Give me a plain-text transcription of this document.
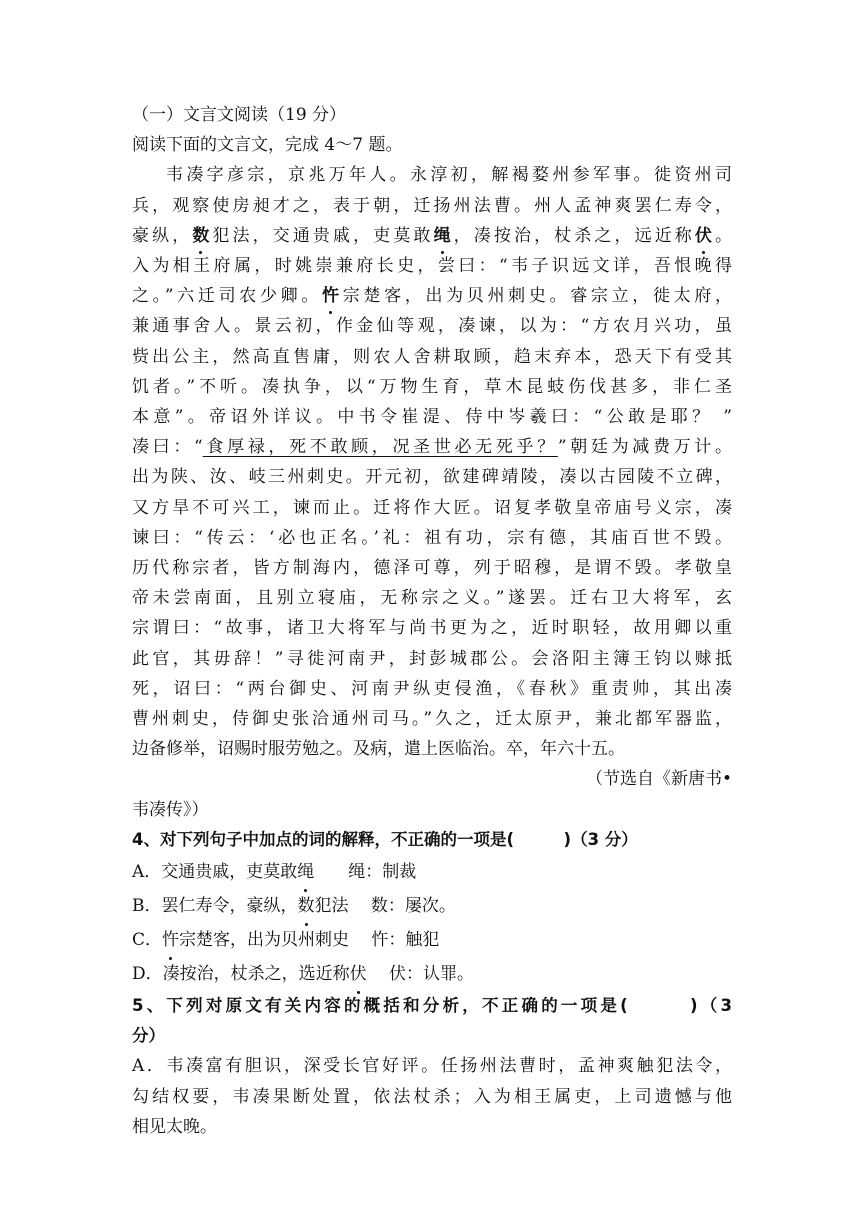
（一）文言文阅读（19 分）
阅读下面的文言文，完成 4～7 题。
韦凑字彦宗，京兆万年人。永淳初，解褐婺州参军事。徙资州司
兵，观察使房昶才之，表于朝，迁扬州法曹。州人孟神爽罢仁寿令，
豪纵，数犯法，交通贵戚，吏莫敢绳，凑按治，杖杀之，远近称伏。
入为相王府属，时姚崇兼府长史，尝曰：“韦子识远文详，吾恨晚得
之。”六迁司农少卿。忤宗楚客，出为贝州刺史。睿宗立，徙太府，
兼通事舍人。景云初，作金仙等观，凑谏，以为：“方农月兴功，虽
赀出公主，然高直售庸，则农人舍耕取顾，趋末弃本，恐天下有受其
饥者。”不听。凑执争，以“万物生育，草木昆蚑伤伐甚多，非仁圣
本意”。帝诏外详议。中书令崔湜、侍中岑羲曰：“公敢是耶？ ”
凑曰：“食厚禄，死不敢顾，况圣世必无死乎？”朝廷为减费万计。
出为陕、汝、岐三州刺史。开元初，欲建碑靖陵，凑以古园陵不立碑，
又方旱不可兴工，谏而止。迁将作大匠。诏复孝敬皇帝庙号义宗，凑
谏曰：“传云：‘必也正名。’礼：祖有功，宗有德，其庙百世不毁。
历代称宗者，皆方制海内，德泽可尊，列于昭穆，是谓不毁。孝敬皇
帝未尝南面，且别立寝庙，无称宗之义。”遂罢。迁右卫大将军，玄
宗谓曰：“故事，诸卫大将军与尚书更为之，近时职轻，故用卿以重
此官，其毋辞！”寻徙河南尹，封彭城郡公。会洛阳主簿王钧以赇抵
死，诏曰：“两台御史、河南尹纵吏侵渔，《春秋》重责帅，其出凑
曹州刺史，侍御史张洽通州司马。”久之，迁太原尹，兼北都军器监，
边备修举，诏赐时服劳勉之。及病，遣上医临治。卒，年六十五。
（节选自《新唐书•
韦凑传》）
4、对下列句子中加点的词的解释，不正确的一项是(　　　)（3 分）
A．交通贵戚，吏莫敢绳　　绳：制裁
B．罢仁寿令，豪纵，数犯法　 数：屡次。
C．忤宗楚客，出为贝州刺史　 忤：触犯
D．凑按治，杖杀之，选近称伏　 伏：认罪。
5、下列对原文有关内容的概括和分析，不正确的一项是(　　　)（3
分）
A．韦凑富有胆识，深受长官好评。任扬州法曹时，孟神爽触犯法令，
勾结权要，韦凑果断处置，依法杖杀；入为相王属吏，上司遗憾与他
相见太晚。
